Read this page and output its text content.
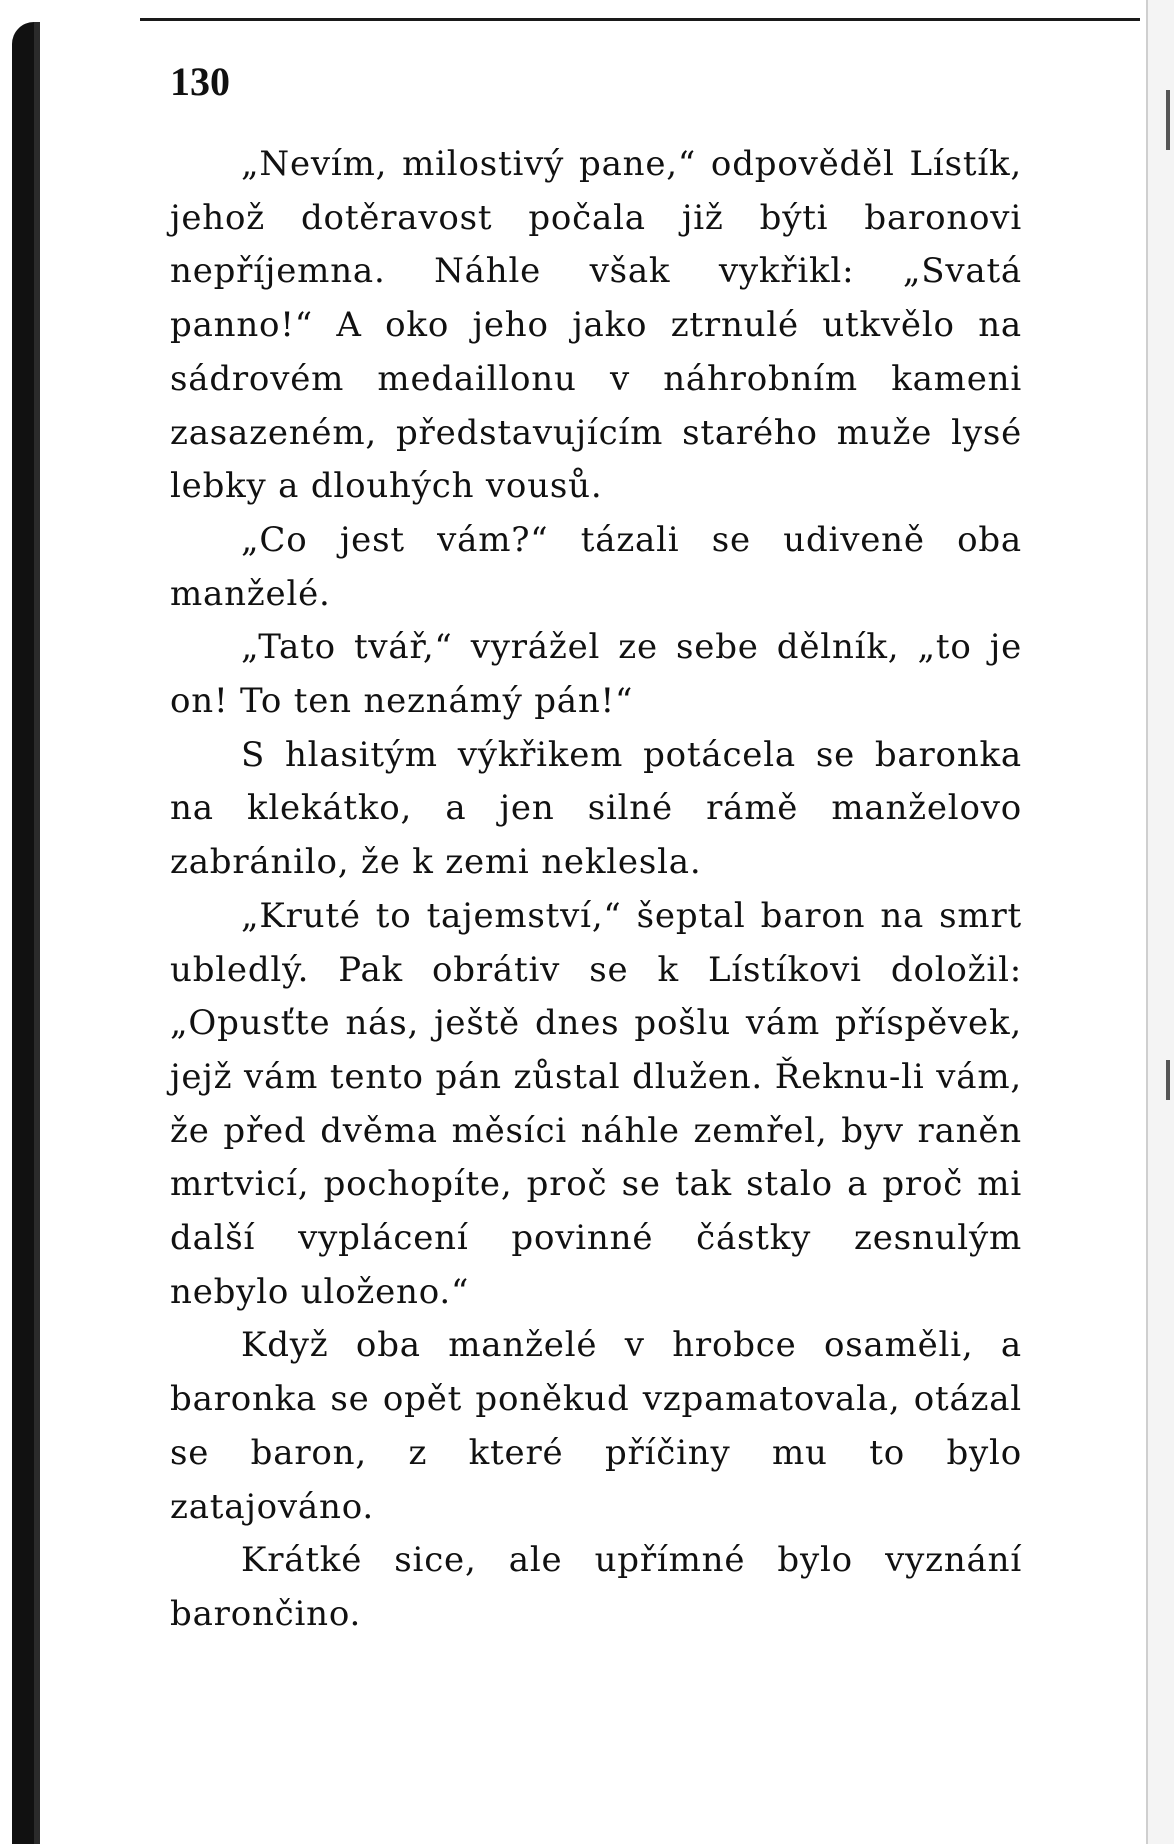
130

„Nevím, milostivý pane,“ odpověděl Lístík, jehož dotěravost počala již býti baronovi nepříjemna. Náhle však vykřikl: „Svatá panno!“ A oko jeho jako ztrnulé utkvělo na sádrovém medaillonu v náhrobním kameni zasazeném, představujícím starého muže lysé lebky a dlouhých vousů.

„Co jest vám?“ tázali se udiveně oba manželé.

„Tato tvář,“ vyrážel ze sebe dělník, „to je on! To ten neznámý pán!“

S hlasitým výkřikem potácela se baronka na klekátko, a jen silné rámě manželovo zabránilo, že k zemi neklesla.

„Kruté to tajemství,“ šeptal baron na smrt ubledlý. Pak obrátiv se k Lístíkovi doložil: „Opusťte nás, ještě dnes pošlu vám příspěvek, jejž vám tento pán zůstal dlužen. Řeknu-li vám, že před dvěma měsíci náhle zemřel, byv raněn mrtvicí, pochopíte, proč se tak stalo a proč mi další vyplácení povinné částky zesnulým nebylo uloženo.“

Když oba manželé v hrobce osaměli, a baronka se opět poněkud vzpamatovala, otázal se baron, z které příčiny mu to bylo zatajováno.

Krátké sice, ale upřímné bylo vyznání barončino.
